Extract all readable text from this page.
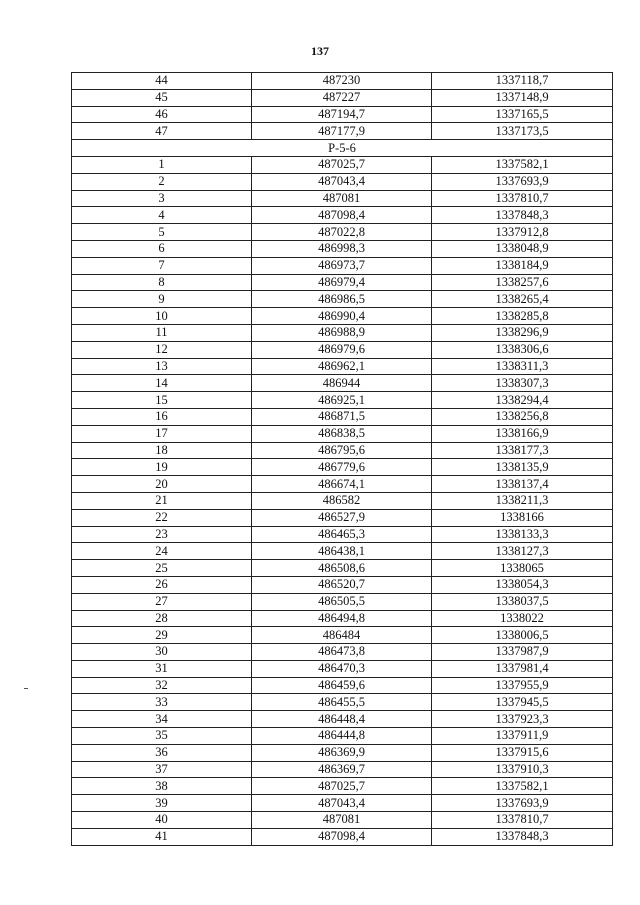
137
44	487230	1337118,7
45	487227	1337148,9
46	487194,7	1337165,5
47	487177,9	1337173,5
P-5-6		
1	487025,7	1337582,1
2	487043,4	1337693,9
3	487081	1337810,7
4	487098,4	1337848,3
5	487022,8	1337912,8
6	486998,3	1338048,9
7	486973,7	1338184,9
8	486979,4	1338257,6
9	486986,5	1338265,4
10	486990,4	1338285,8
11	486988,9	1338296,9
12	486979,6	1338306,6
13	486962,1	1338311,3
14	486944	1338307,3
15	486925,1	1338294,4
16	486871,5	1338256,8
17	486838,5	1338166,9
18	486795,6	1338177,3
19	486779,6	1338135,9
20	486674,1	1338137,4
21	486582	1338211,3
22	486527,9	1338166
23	486465,3	1338133,3
24	486438,1	1338127,3
25	486508,6	1338065
26	486520,7	1338054,3
27	486505,5	1338037,5
28	486494,8	1338022
29	486484	1338006,5
30	486473,8	1337987,9
31	486470,3	1337981,4
32	486459,6	1337955,9
33	486455,5	1337945,5
34	486448,4	1337923,3
35	486444,8	1337911,9
36	486369,9	1337915,6
37	486369,7	1337910,3
38	487025,7	1337582,1
39	487043,4	1337693,9
40	487081	1337810,7
41	487098,4	1337848,3
